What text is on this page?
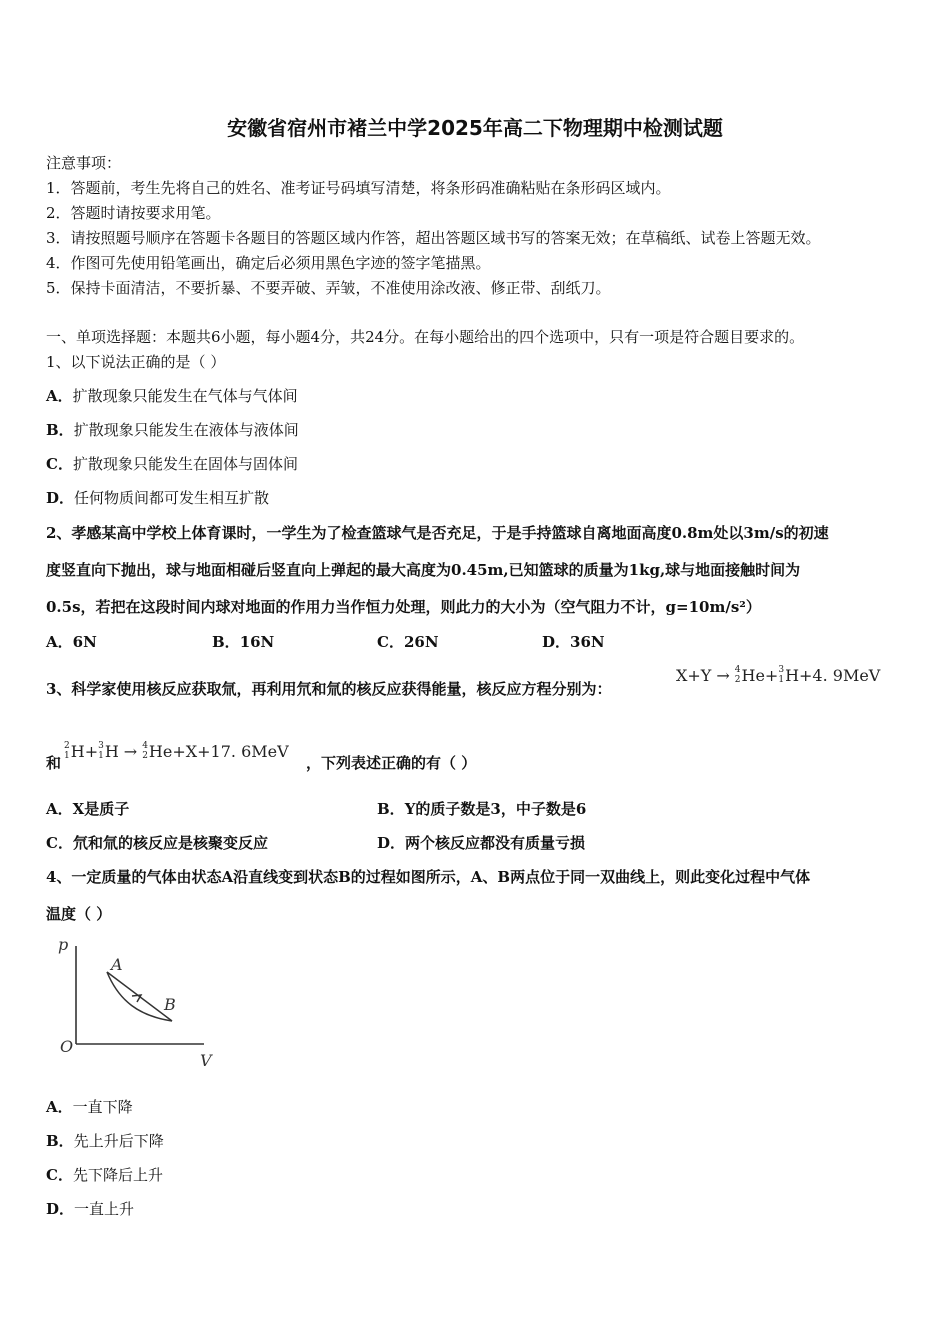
安徽省宿州市褚兰中学2025年高二下物理期中检测试题
注意事项：
1．答题前，考生先将自己的姓名、准考证号码填写清楚，将条形码准确粘贴在条形码区域内。
2．答题时请按要求用笔。
3．请按照题号顺序在答题卡各题目的答题区域内作答，超出答题区域书写的答案无效；在草稿纸、试卷上答题无效。
4．作图可先使用铅笔画出，确定后必须用黑色字迹的签字笔描黑。
5．保持卡面清洁，不要折暴、不要弄破、弄皱，不准使用涂改液、修正带、刮纸刀。
一、单项选择题：本题共6小题，每小题4分，共24分。在每小题给出的四个选项中，只有一项是符合题目要求的。
1、以下说法正确的是（ ）
A．扩散现象只能发生在气体与气体间
B．扩散现象只能发生在液体与液体间
C．扩散现象只能发生在固体与固体间
D．任何物质间都可发生相互扩散
2、孝感某高中学校上体育课时，一学生为了检查篮球气是否充足，于是手持篮球自离地面高度0.8m处以3m/s的初速
度竖直向下抛出，球与地面相碰后竖直向上弹起的最大高度为0.45m,已知篮球的质量为1kg,球与地面接触时间为
0.5s，若把在这段时间内球对地面的作用力当作恒力处理，则此力的大小为（空气阻力不计，g=10m/s²）
A．6N	B．16N	C．26N	D．36N
3、科学家使用核反应获取氚，再利用氘和氚的核反应获得能量，核反应方程分别为：
X+Y → 4
2 He+ 3
1 H +4. 9MeV
和
2
1 H+ 3
1 H → 4
2 He+X +17. 6MeV
，下列表述正确的有（ ）
A．X是质子	B．Y的质子数是3，中子数是6
C．氘和氚的核反应是核聚变反应	D．两个核反应都没有质量亏损
4、一定质量的气体由状态A沿直线变到状态B的过程如图所示，A、B两点位于同一双曲线上，则此变化过程中气体
温度（ ）
p
V
O
A
B
A．一直下降
B．先上升后下降
C．先下降后上升
D．一直上升
